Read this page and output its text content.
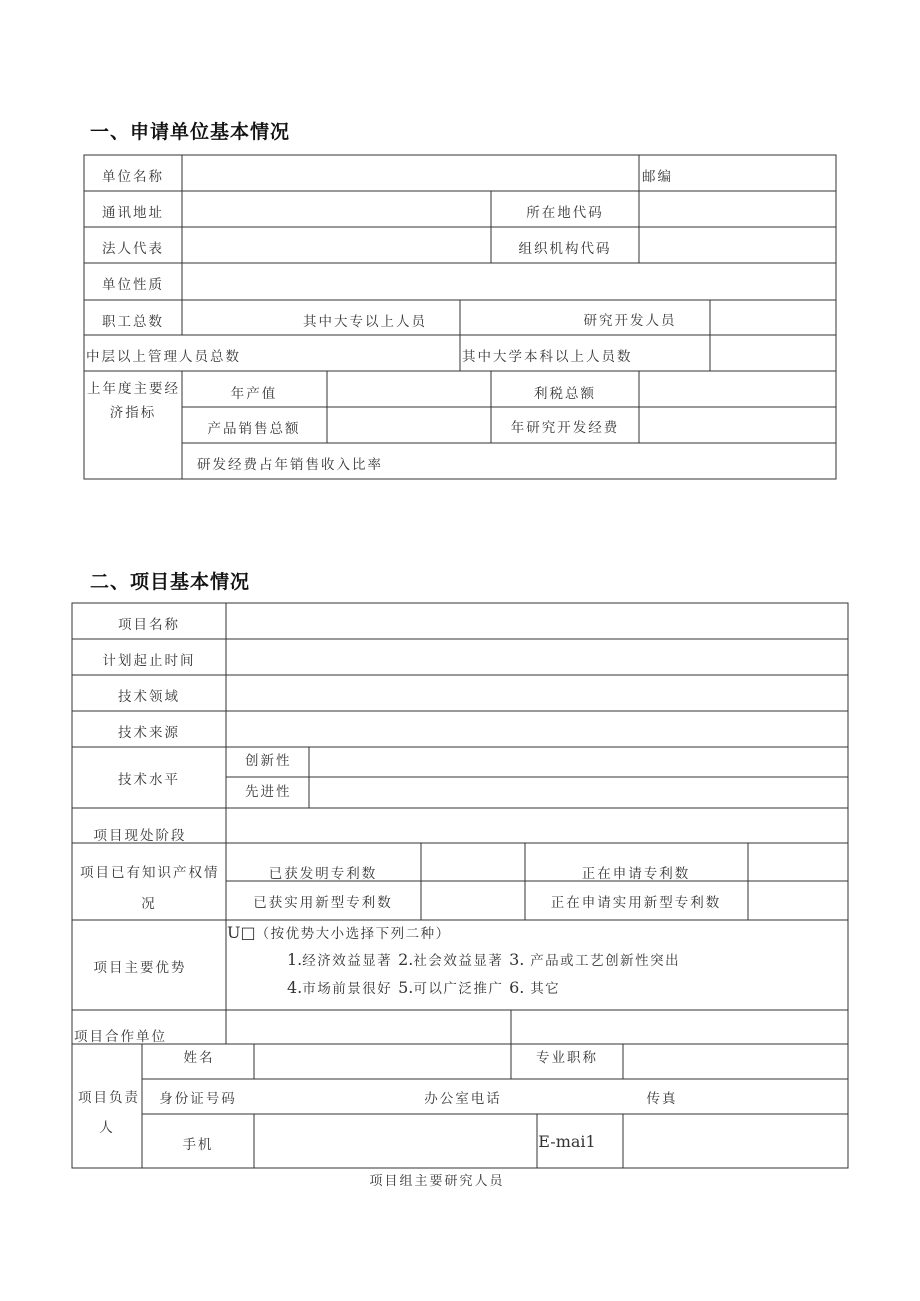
一、申请单位基本情况
单位名称	邮编
通讯地址	所在地代码
法人代表	组织机构代码
单位性质
职工总数	其中大专以上人员	研究开发人员
中层以上管理人员总数	其中大学本科以上人员数
上年度主要经
济指标
年产值	利税总额
产品销售总额	年研究开发经费
研发经费占年销售收入比率
二、项目基本情况
项目名称
计划起止时间
技术领域
技术来源
技术水平
创新性
先进性
项目现处阶段
项目已有知识产权情
况
已获发明专利数	正在申请专利数
已获实用新型专利数	正在申请实用新型专利数
项目主要优势
U□（按优势大小选择下列二种）
1.经济效益显著 2.社会效益显著 3. 产品或工艺创新性突出
4.市场前景很好 5.可以广泛推广 6. 其它
项目合作单位
项目负责
人
姓名	专业职称
身份证号码	办公室电话	传真
手机	E-mai1
项目组主要研究人员
